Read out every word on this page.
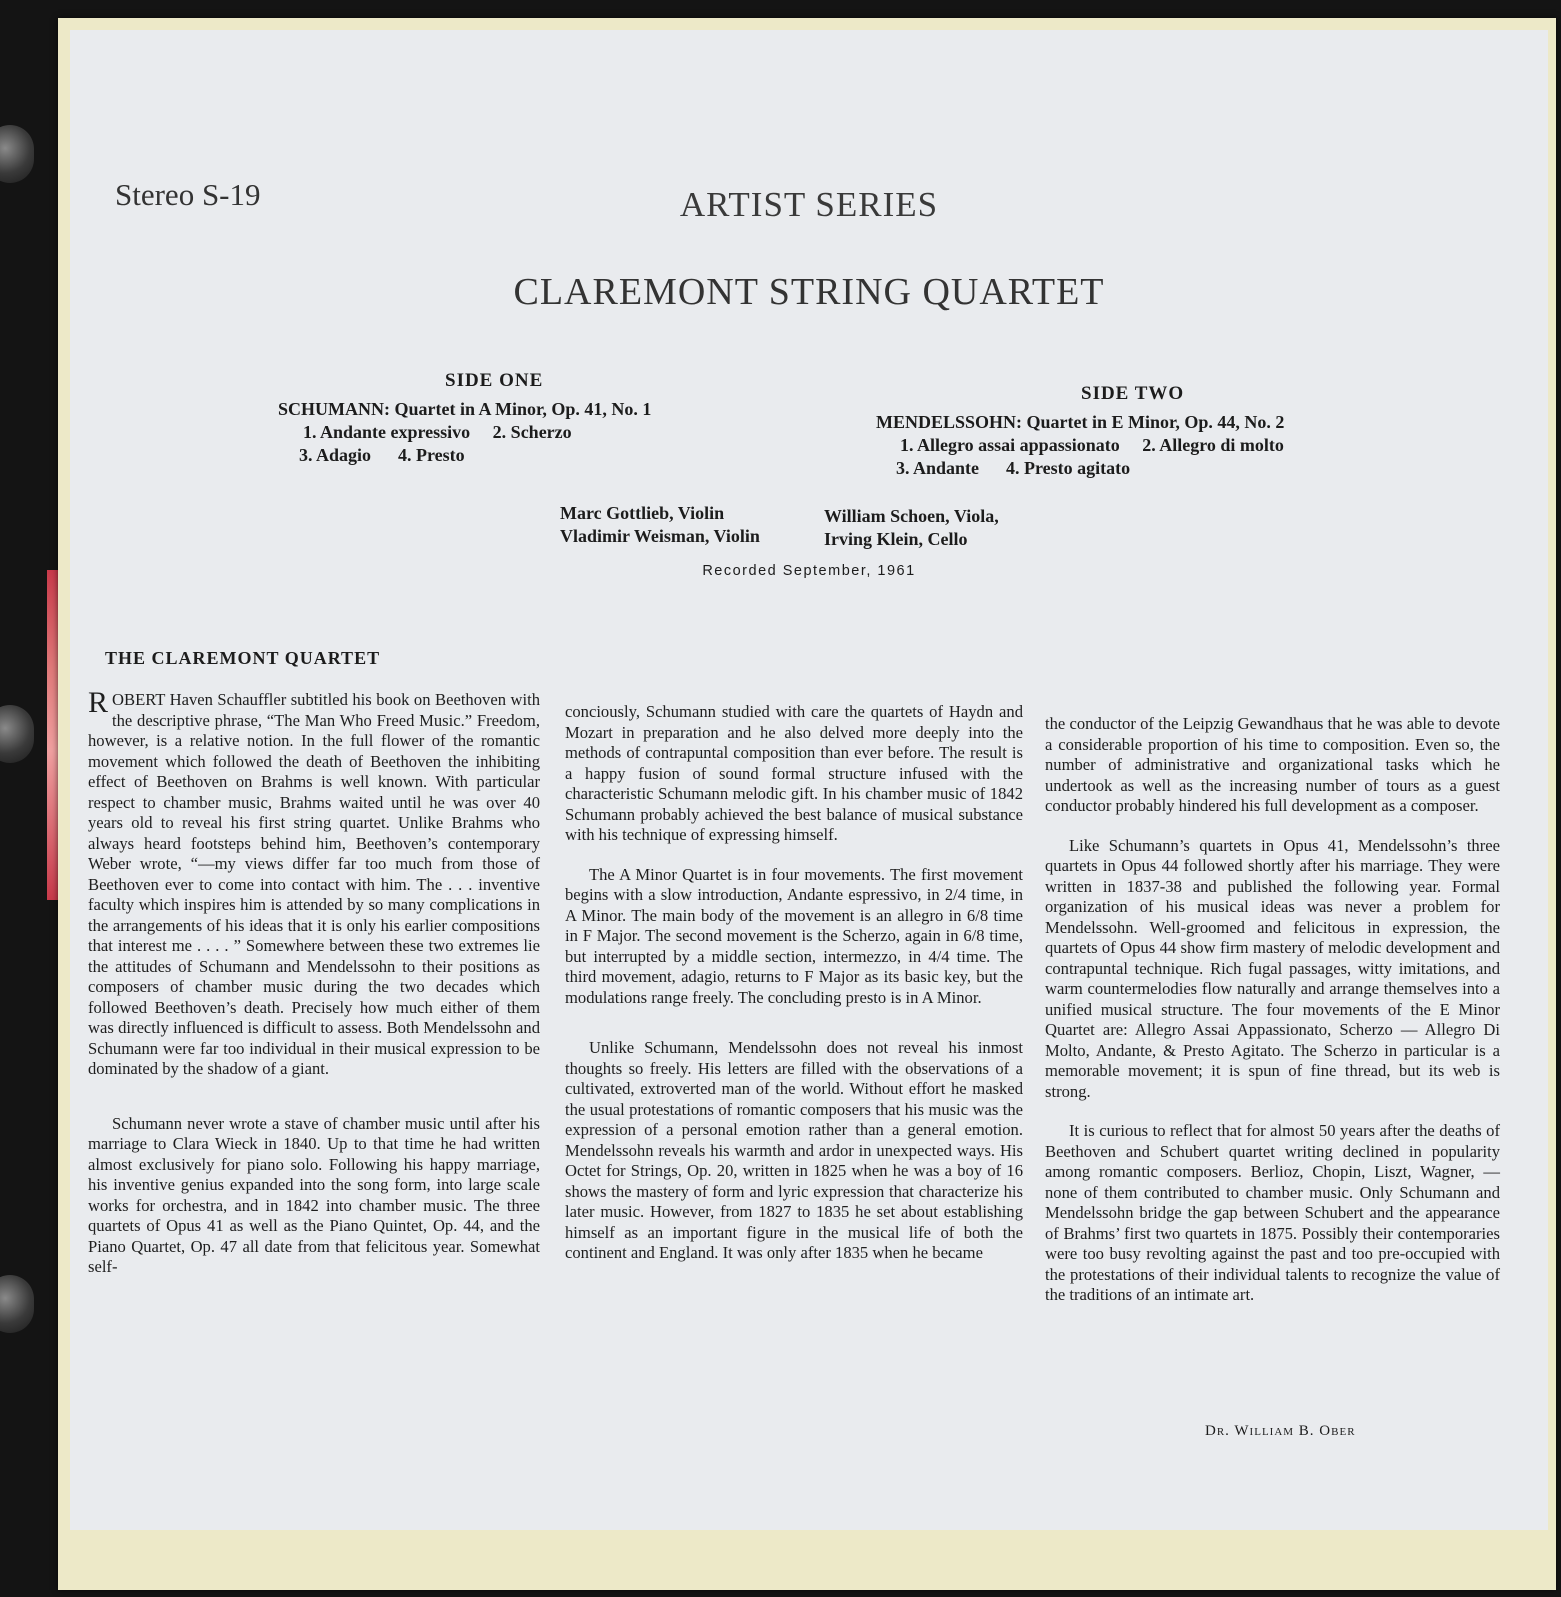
Stereo S-19	ARTIST SERIES

CLAREMONT STRING QUARTET

SIDE ONE
SCHUMANN: Quartet in A Minor, Op. 41, No. 1
1. Andante expressivo     2. Scherzo
3. Adagio      4. Presto
SIDE TWO
MENDELSSOHN: Quartet in E Minor, Op. 44, No. 2
1. Allegro assai appassionato     2. Allegro di molto
3. Andante      4. Presto agitato
Marc Gottlieb, Violin
Vladimir Weisman, Violin
William Schoen, Viola,
Irving Klein, Cello

Recorded September, 1961

THE CLAREMONT QUARTET

ROBERT Haven Schauffler subtitled his book on Beethoven with the descriptive phrase, “The Man Who Freed Music.” Freedom, however, is a relative notion. In the full flower of the romantic movement which followed the death of Beethoven the inhibiting effect of Beethoven on Brahms is well known. With particular respect to chamber music, Brahms waited until he was over 40 years old to reveal his first string quartet. Unlike Brahms who always heard footsteps behind him, Beethoven’s contemporary Weber wrote, “—my views differ far too much from those of Beethoven ever to come into contact with him. The . . . inventive faculty which inspires him is attended by so many complications in the arrangements of his ideas that it is only his earlier compositions that interest me . . . . ” Somewhere between these two extremes lie the attitudes of Schumann and Mendelssohn to their positions as composers of chamber music during the two decades which followed Beethoven’s death. Precisely how much either of them was directly influenced is difficult to assess. Both Mendelssohn and Schumann were far too individual in their musical expression to be dominated by the shadow of a giant.

Schumann never wrote a stave of chamber music until after his marriage to Clara Wieck in 1840. Up to that time he had written almost exclusively for piano solo. Following his happy marriage, his inventive genius expanded into the song form, into large scale works for orchestra, and in 1842 into chamber music. The three quartets of Opus 41 as well as the Piano Quintet, Op. 44, and the Piano Quartet, Op. 47 all date from that felicitous year. Somewhat self-

conciously, Schumann studied with care the quartets of Haydn and Mozart in preparation and he also delved more deeply into the methods of contrapuntal composition than ever before. The result is a happy fusion of sound formal structure infused with the characteristic Schumann melodic gift. In his chamber music of 1842 Schumann probably achieved the best balance of musical substance with his technique of expressing himself.

The A Minor Quartet is in four movements. The first movement begins with a slow introduction, Andante espressivo, in 2/4 time, in A Minor. The main body of the movement is an allegro in 6/8 time in F Major. The second movement is the Scherzo, again in 6/8 time, but interrupted by a middle section, intermezzo, in 4/4 time. The third movement, adagio, returns to F Major as its basic key, but the modulations range freely. The concluding presto is in A Minor.

Unlike Schumann, Mendelssohn does not reveal his inmost thoughts so freely. His letters are filled with the observations of a cultivated, extroverted man of the world. Without effort he masked the usual protestations of romantic composers that his music was the expression of a personal emotion rather than a general emotion. Mendelssohn reveals his warmth and ardor in unexpected ways. His Octet for Strings, Op. 20, written in 1825 when he was a boy of 16 shows the mastery of form and lyric expression that characterize his later music. However, from 1827 to 1835 he set about establishing himself as an important figure in the musical life of both the continent and England. It was only after 1835 when he became

the conductor of the Leipzig Gewandhaus that he was able to devote a considerable proportion of his time to composition. Even so, the number of administrative and organizational tasks which he undertook as well as the increasing number of tours as a guest conductor probably hindered his full development as a composer.

Like Schumann’s quartets in Opus 41, Mendelssohn’s three quartets in Opus 44 followed shortly after his marriage. They were written in 1837-38 and published the following year. Formal organization of his musical ideas was never a problem for Mendelssohn. Well-groomed and felicitous in expression, the quartets of Opus 44 show firm mastery of melodic development and contrapuntal technique. Rich fugal passages, witty imitations, and warm countermelodies flow naturally and arrange themselves into a unified musical structure. The four movements of the E Minor Quartet are: Allegro Assai Appassionato, Scherzo — Allegro Di Molto, Andante, & Presto Agitato. The Scherzo in particular is a memorable movement; it is spun of fine thread, but its web is strong.

It is curious to reflect that for almost 50 years after the deaths of Beethoven and Schubert quartet writing declined in popularity among romantic composers. Berlioz, Chopin, Liszt, Wagner, — none of them contributed to chamber music. Only Schumann and Mendelssohn bridge the gap between Schubert and the appearance of Brahms’ first two quartets in 1875. Possibly their contemporaries were too busy revolting against the past and too pre-occupied with the protestations of their individual talents to recognize the value of the traditions of an intimate art.

Dr. William B. Ober
